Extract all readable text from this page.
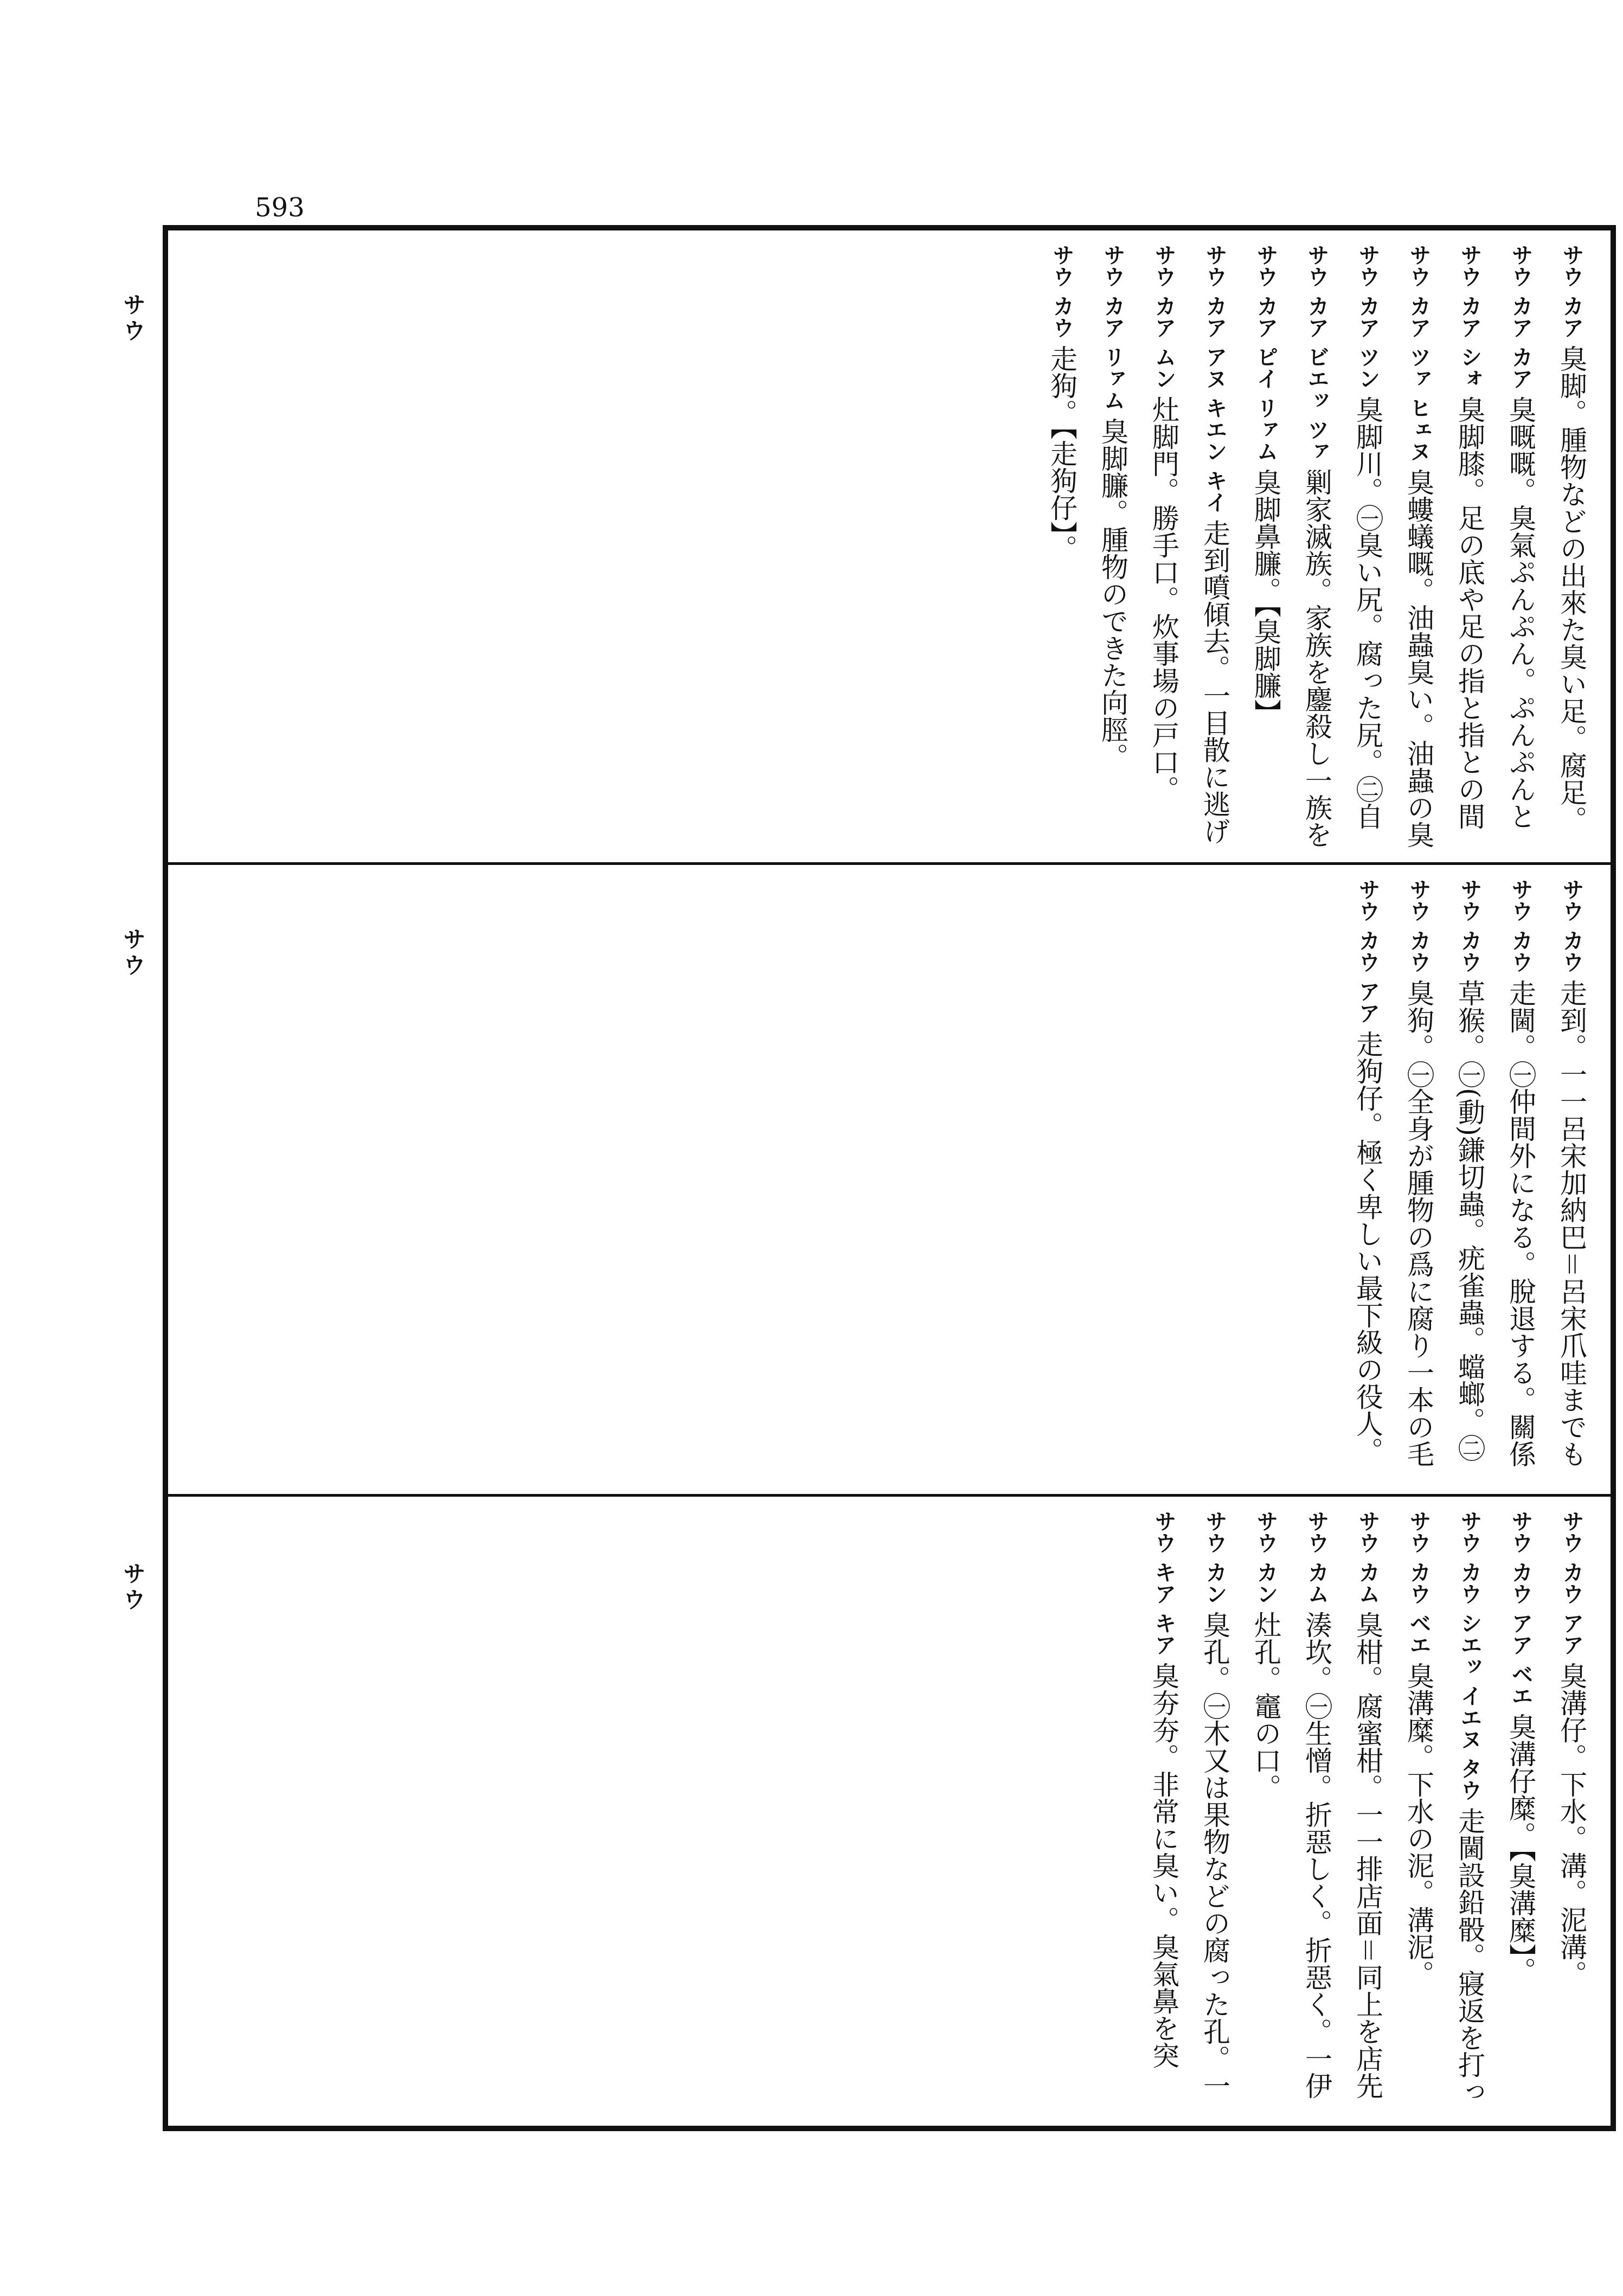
593
サウ
サウ
サウ
サウ カア臭脚。腫物などの出來た臭い足。腐足。
サウ カア カア臭嘅嘅。臭氣ぷんぷん。ぷんぷんと
サウ カア シォ臭脚膝。足の底や足の指と指との間
サウ カア ツァ ヒェヌ臭螻蟻嘅。油蟲臭い。油蟲の臭
サウ カア ツン臭脚川。㊀臭い尻。腐った尻。㊁自
サウ カア ビエッ ツァ剿家滅族。家族を鏖殺し一族を
サウ カア ピイ リァム臭脚鼻臁。【臭脚臁】
サウ カア アヌ キエン キイ走到噴傾去。一目散に逃げ
サウ カア ムン灶脚門。勝手口。炊事場の戸口。
サウ カア リァム臭脚臁。腫物のできた向脛。
サウ カウ走狗。【走狗仔】。
サウ カウ走到。一一呂宋加納巴＝呂宋爪哇までも
サウ カウ走閫。㊀仲間外になる。脫退する。關係
サウ カウ草猴。㊀(動)鎌切蟲。疣雀蟲。蟷螂。㊁
サウ カウ臭狗。㊀全身が腫物の爲に腐り一本の毛
サウ カウ アア走狗仔。極く卑しい最下級の役人。
サウ カウ アア臭溝仔。下水。溝。泥溝。
サウ カウ アア ベエ臭溝仔糜。【臭溝糜】。
サウ カウ シエッ イエヌ タウ走閫設鉛骰。寢返を打っ
サウ カウ ベエ臭溝糜。下水の泥。溝泥。
サウ カム臭柑。腐蜜柑。一一排店面＝同上を店先
サウ カム湊坎。㊀生憎。折惡しく。折惡く。一伊
サウ カン灶孔。竈の口。
サウ カン臭孔。㊀木又は果物などの腐った孔。一
サウ キア キア臭夯夯。非常に臭い。臭氣鼻を突
